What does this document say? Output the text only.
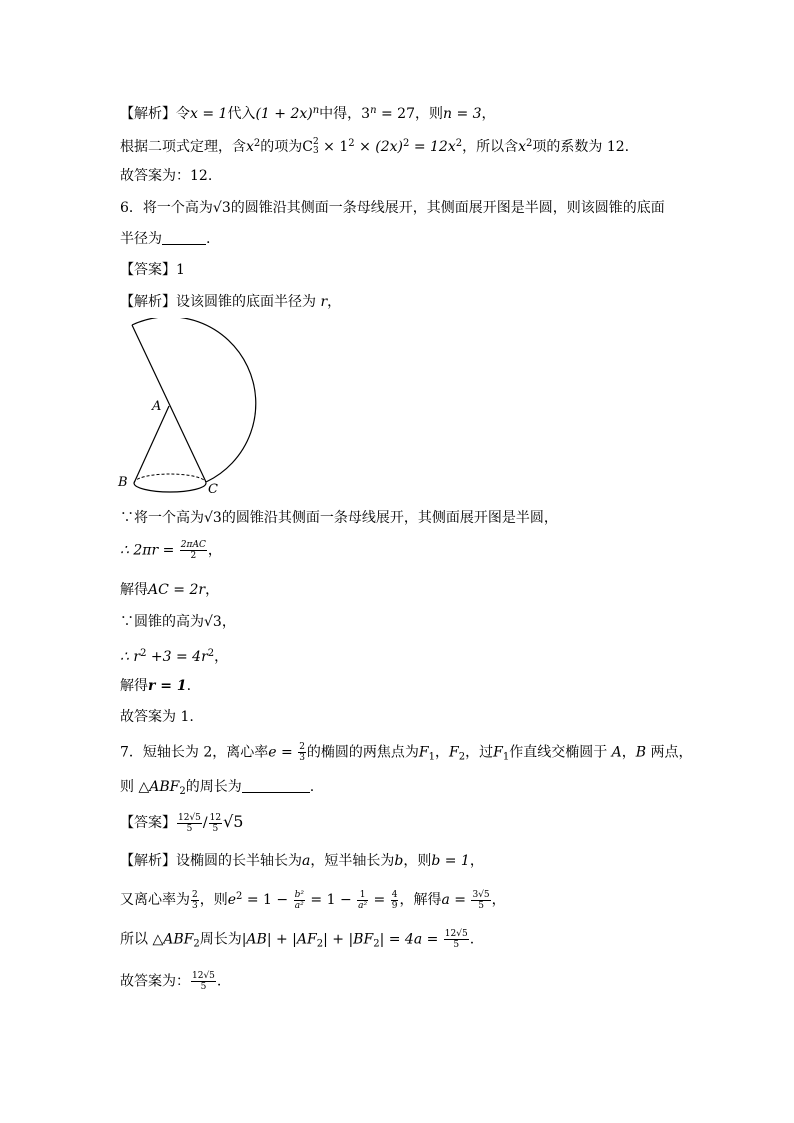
【解析】令x = 1代入$(1 + 2x)^n$中得，$3^n = 27$，则n = 3，
根据二项式定理，含$x^2$的项为C 2
$3 \times 1^2 \times (2x)^2 = 12x^2$，所以含$x^2$项的系数为 12.
故答案为：12.
6．将一个高为√3的圆锥沿其侧面一条母线展开，其侧面展开图是半圆，则该圆锥的底面
半径为	.
【答案】1
【解析】设该圆锥的底面半径为 r，
A
B	C
∵将一个高为√3的圆锥沿其侧面一条母线展开，其侧面展开图是半圆，
∴ $2\pi r = \frac{\text{2πAC}}{2}$ ，
解得AC = 2r，
∵圆锥的高为√3，
∴ $r^2 +3 = 4r^2$，
解得r = 1.
故答案为 1.
7．短轴长为 2，离心率$e = \frac{2}{3}$ 的椭圆的两焦点为$F_1$，$F_2$，过$F_1$作直线交椭圆于 A，B 两点，
则 $\triangle ABF_2$的周长为	.
【答案】 $\frac{12√5}{5} / \frac{12}{5} √5$
【解析】设椭圆的长半轴长为a，短半轴长为b，则b = 1，
又离心率为 $\frac{2}{3}$ ，则$e^2 = 1 - \frac{\text{b²}}{\text{a²}} = 1 - \frac{1}{\text{a²}} = \frac{4}{9}$ ，解得$a = \frac{3√5}{5}$ ，
所以 $\triangle ABF_2$周长为$|AB| + |AF_2| + |BF_2| = 4a = \frac{12√5}{5}$ .
故答案为： $\frac{12√5}{5}$ .
